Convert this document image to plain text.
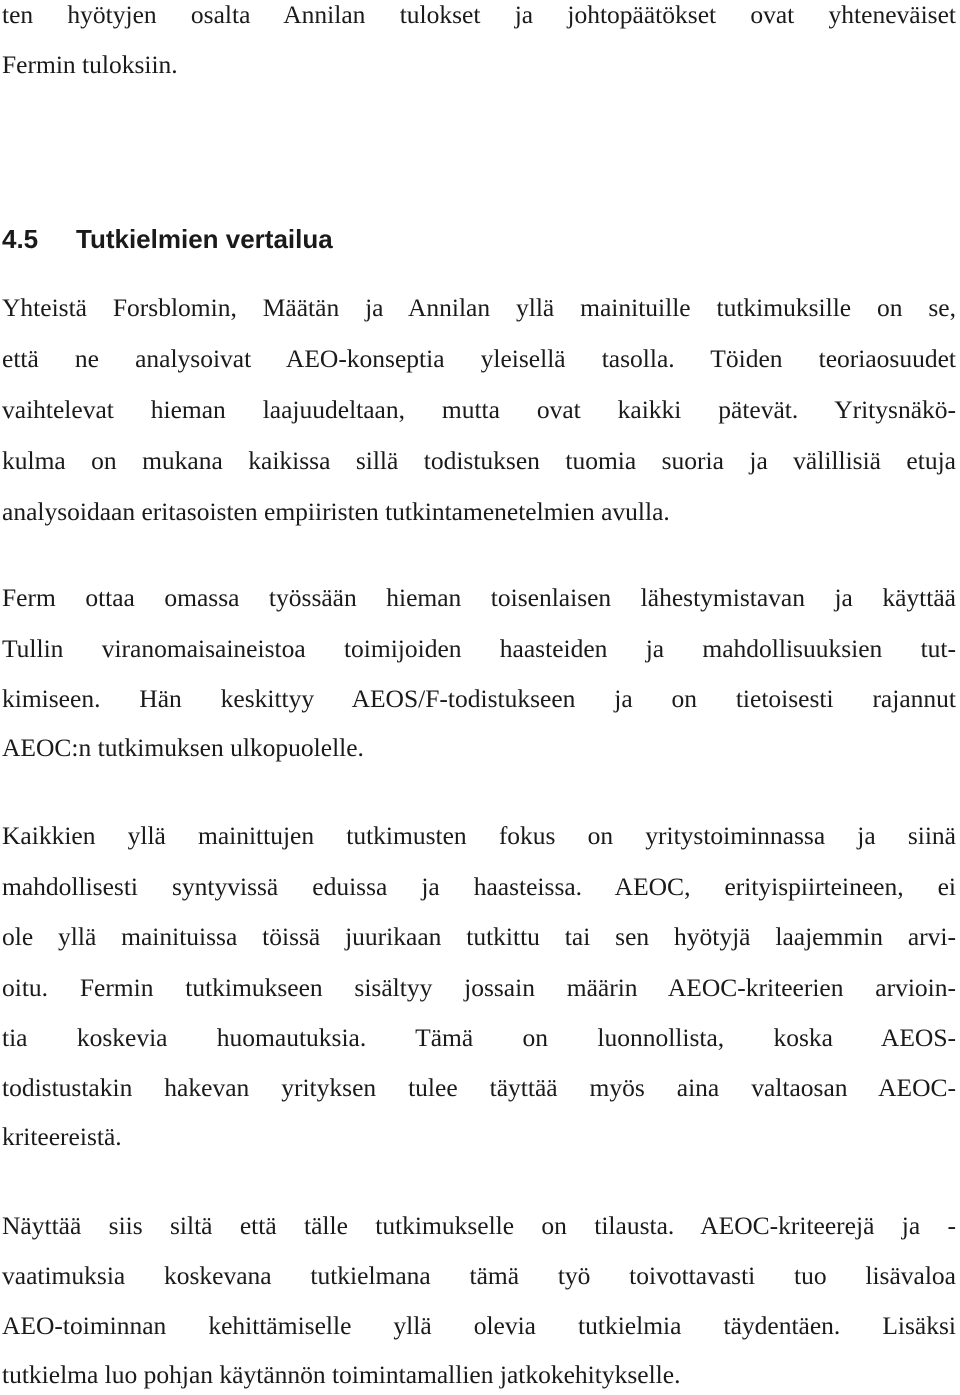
ten hyötyjen osalta Annilan tulokset ja johtopäätökset ovat yhteneväiset
Fermin tuloksiin.
4.5 Tutkielmien vertailua
Yhteistä Forsblomin, Määtän ja Annilan yllä mainituille tutkimuksille on se,
että ne analysoivat AEO-konseptia yleisellä tasolla. Töiden teoriaosuudet
vaihtelevat hieman laajuudeltaan, mutta ovat kaikki pätevät. Yritysnäkö-
kulma on mukana kaikissa sillä todistuksen tuomia suoria ja välillisiä etuja
analysoidaan eritasoisten empiiristen tutkintamenetelmien avulla.
Ferm ottaa omassa työssään hieman toisenlaisen lähestymistavan ja käyttää
Tullin viranomaisaineistoa toimijoiden haasteiden ja mahdollisuuksien tut-
kimiseen. Hän keskittyy AEOS/F-todistukseen ja on tietoisesti rajannut
AEOC:n tutkimuksen ulkopuolelle.
Kaikkien yllä mainittujen tutkimusten fokus on yritystoiminnassa ja siinä
mahdollisesti syntyvissä eduissa ja haasteissa. AEOC, erityispiirteineen, ei
ole yllä mainituissa töissä juurikaan tutkittu tai sen hyötyjä laajemmin arvi-
oitu. Fermin tutkimukseen sisältyy jossain määrin AEOC-kriteerien arvioin-
tia koskevia huomautuksia. Tämä on luonnollista, koska AEOS-
todistustakin hakevan yrityksen tulee täyttää myös aina valtaosan AEOC-
kriteereistä.
Näyttää siis siltä että tälle tutkimukselle on tilausta. AEOC-kriteerejä ja -
vaatimuksia koskevana tutkielmana tämä työ toivottavasti tuo lisävaloa
AEO-toiminnan kehittämiselle yllä olevia tutkielmia täydentäen. Lisäksi
tutkielma luo pohjan käytännön toimintamallien jatkokehitykselle.
